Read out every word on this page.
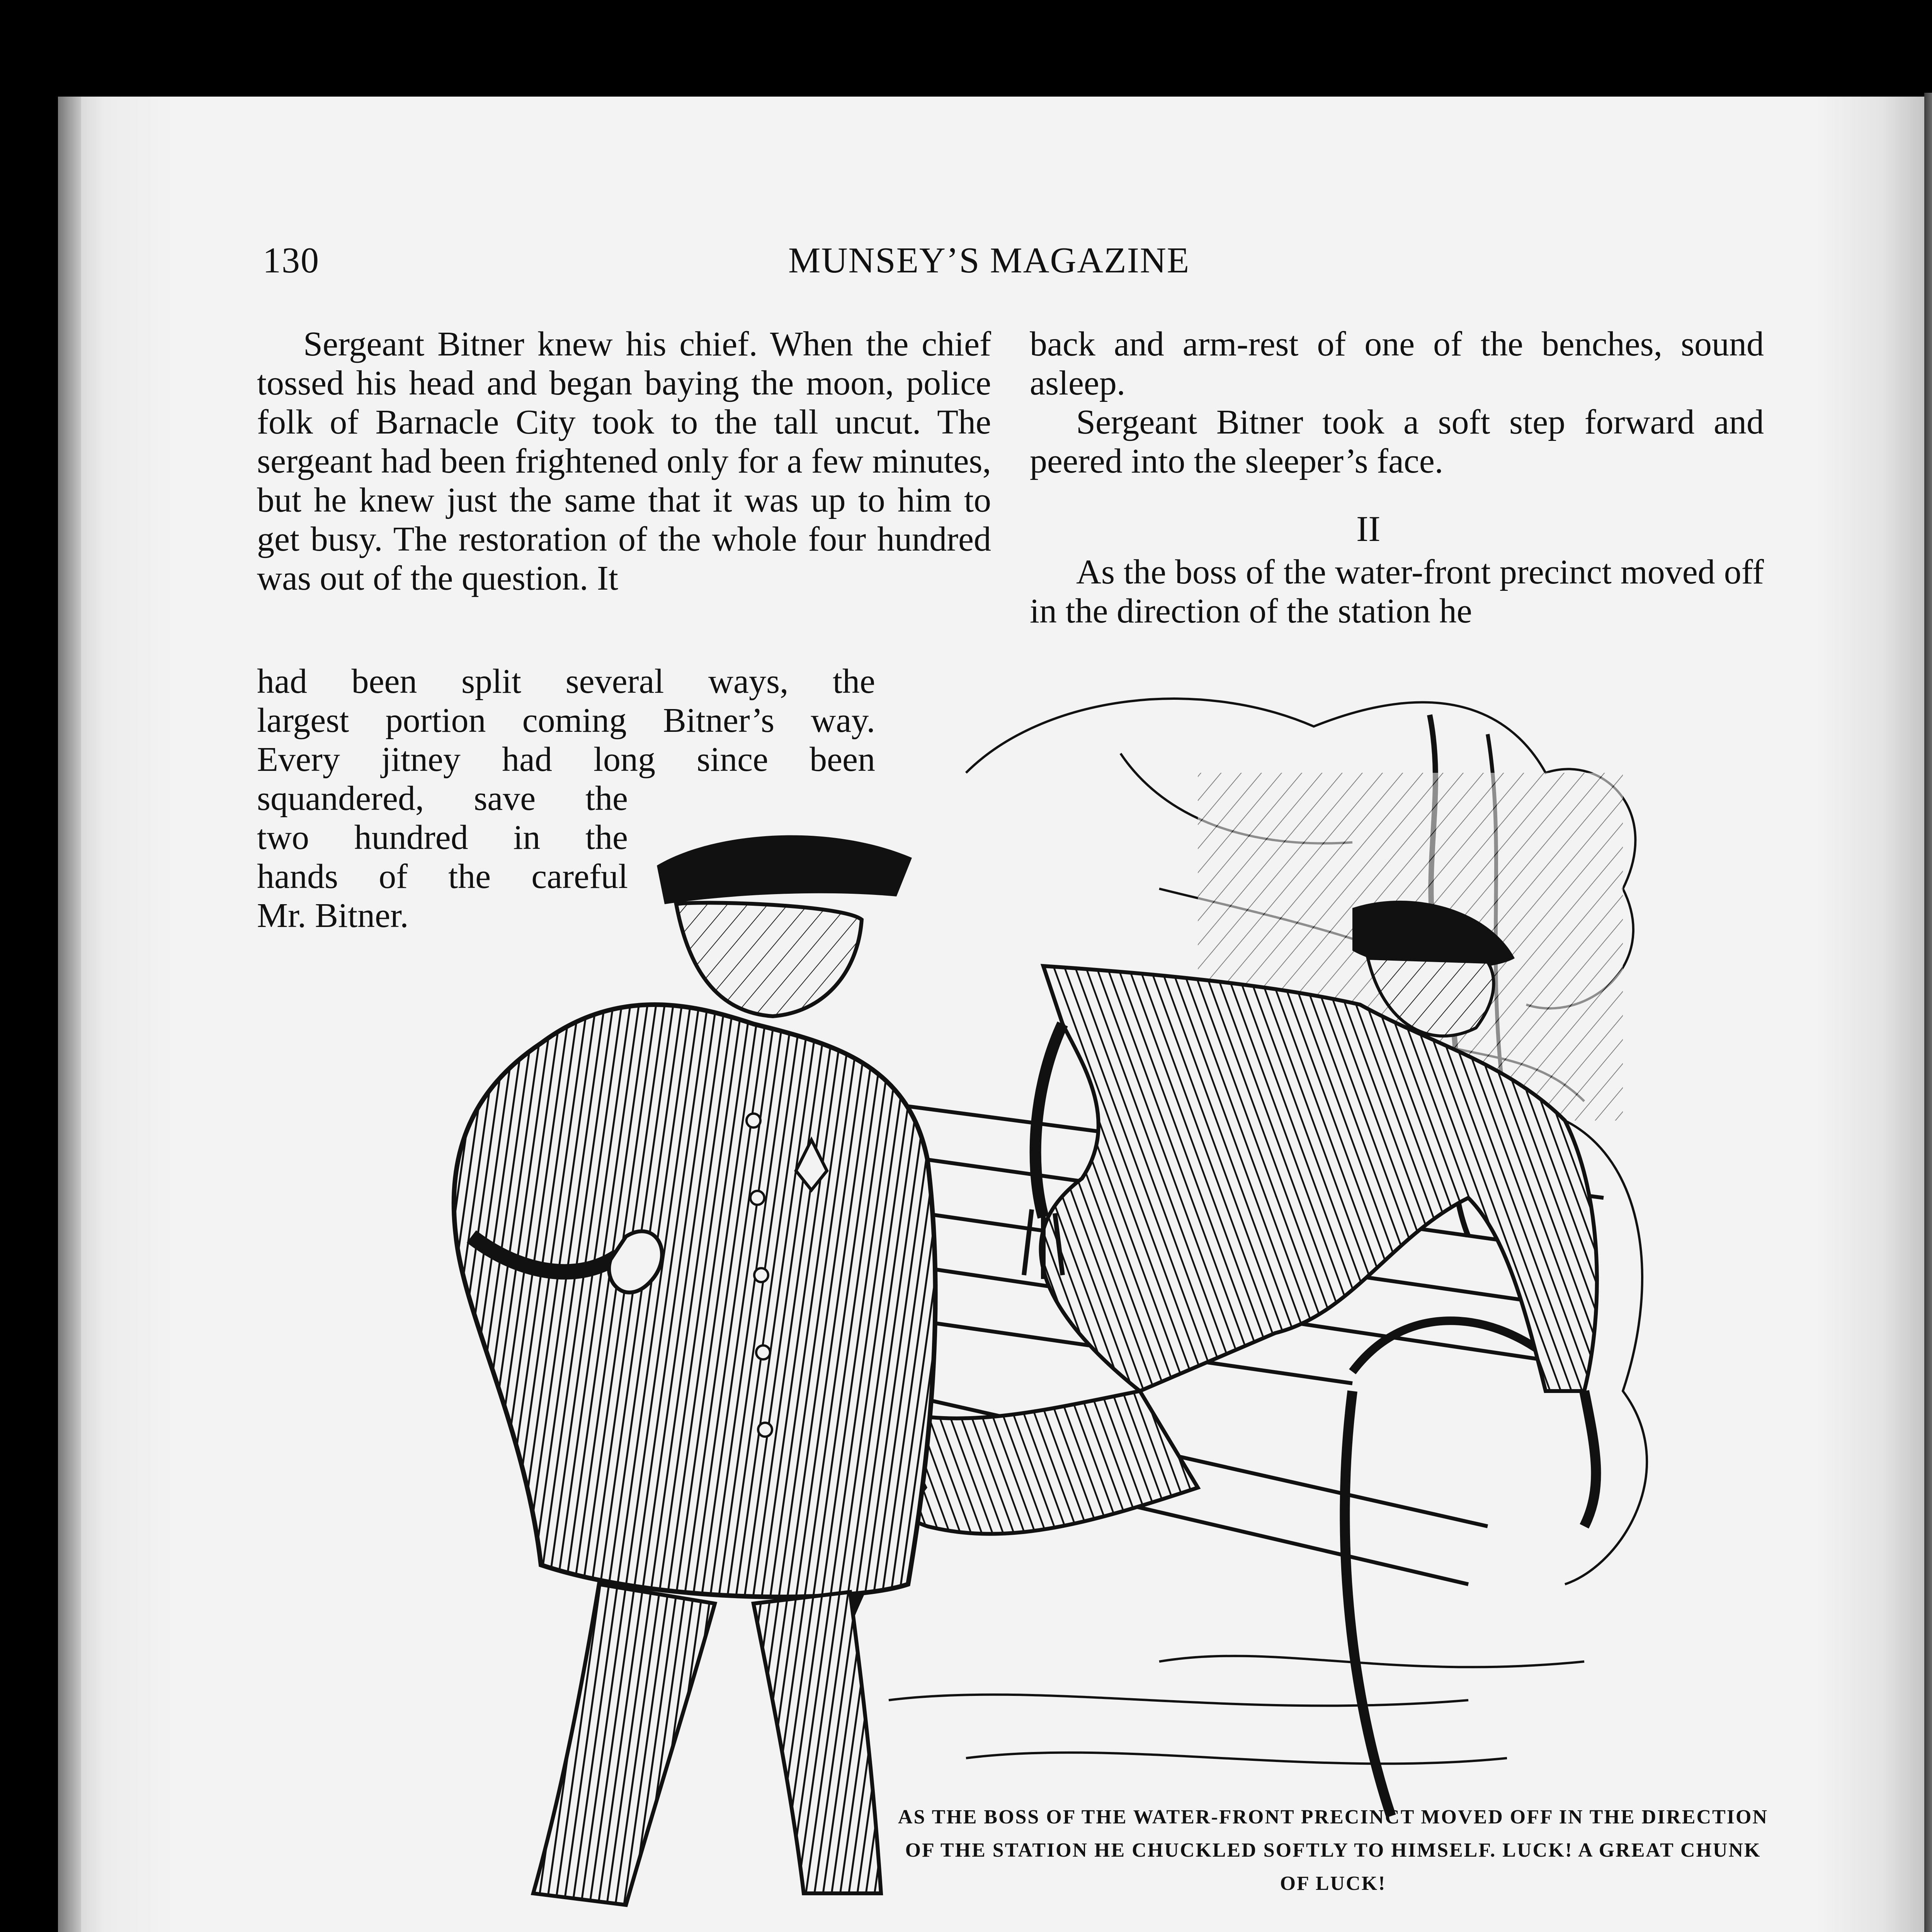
130	MUNSEY’S MAGAZINE

Sergeant Bitner knew his chief. When the chief tossed his head and began baying the moon, police folk of Barnacle City took to the tall uncut. The sergeant had been frightened only for a few minutes, but he knew just the same that it was up to him to get busy. The restoration of the whole four hundred was out of the question. It

had been split several ways, the
largest portion coming Bitner’s way.
Every jitney had long since been
squandered, save the
two hundred in the
hands of the careful
Mr. Bitner.

back and arm-rest of one of the benches, sound asleep.

Sergeant Bitner took a soft step forward and peered into the sleeper’s face.

II

As the boss of the water-front precinct moved off in the direction of the station he

AS THE BOSS OF THE WATER-FRONT PRECINCT MOVED OFF IN THE DIRECTION OF THE STATION HE CHUCKLED SOFTLY TO HIMSELF. LUCK! A GREAT CHUNK OF LUCK!
